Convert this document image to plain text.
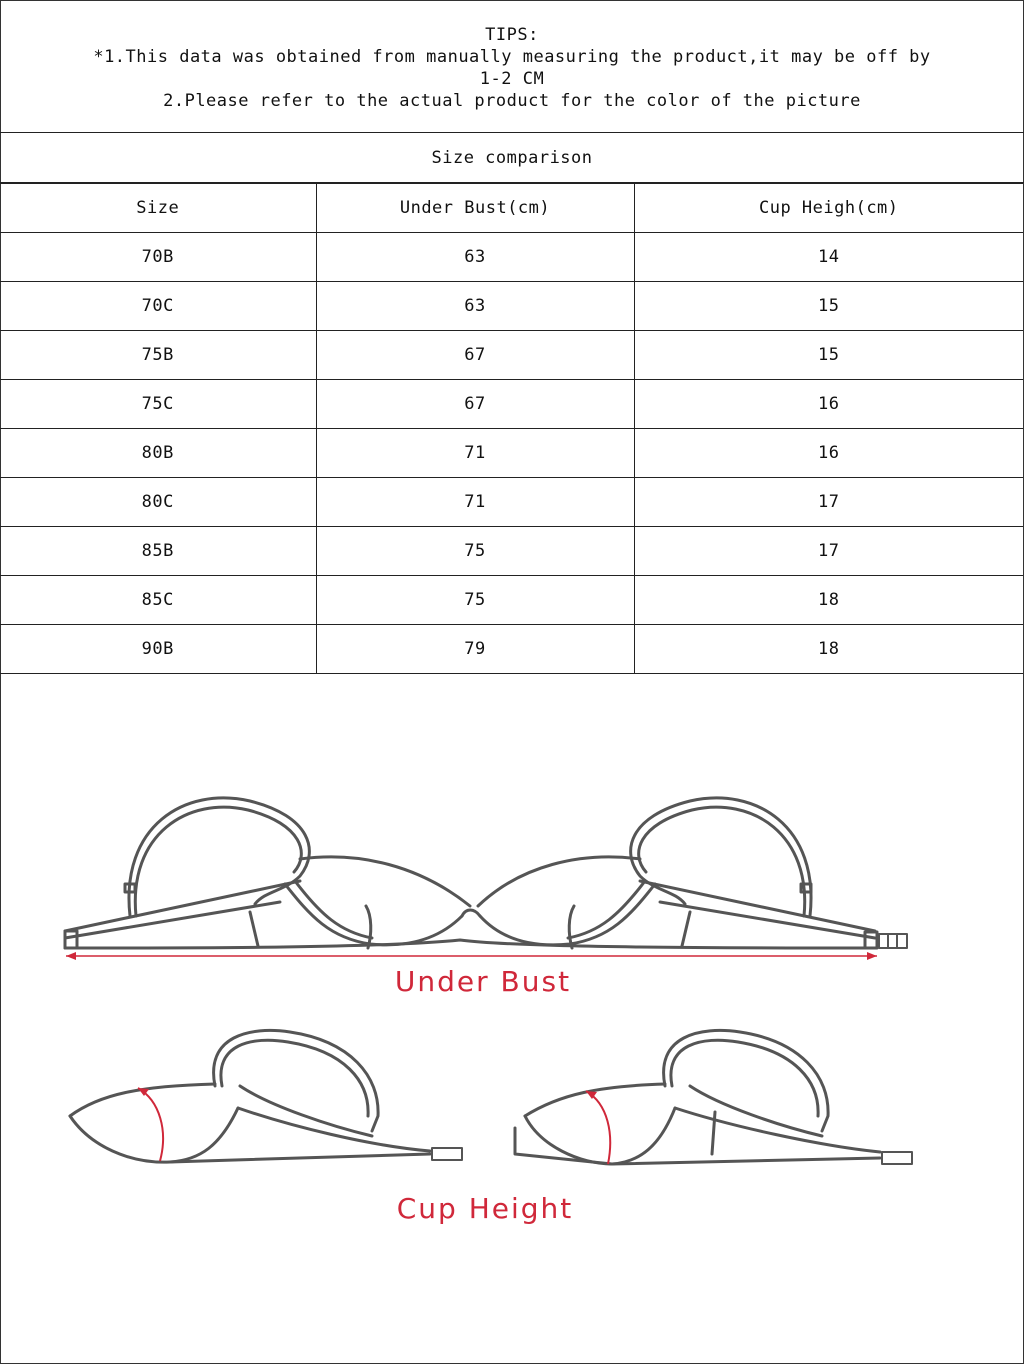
TIPS:
*1.This data was obtained from manually measuring the product,it may be off by
1-2 CM
2.Please refer to the actual product for the color of the picture
Size comparison
Size	Under Bust(cm)	Cup Heigh(cm)
70B	63	14
70C	63	15
75B	67	15
75C	67	16
80B	71	16
80C	71	17
85B	75	17
85C	75	18
90B	79	18
Under Bust
Cup Height
